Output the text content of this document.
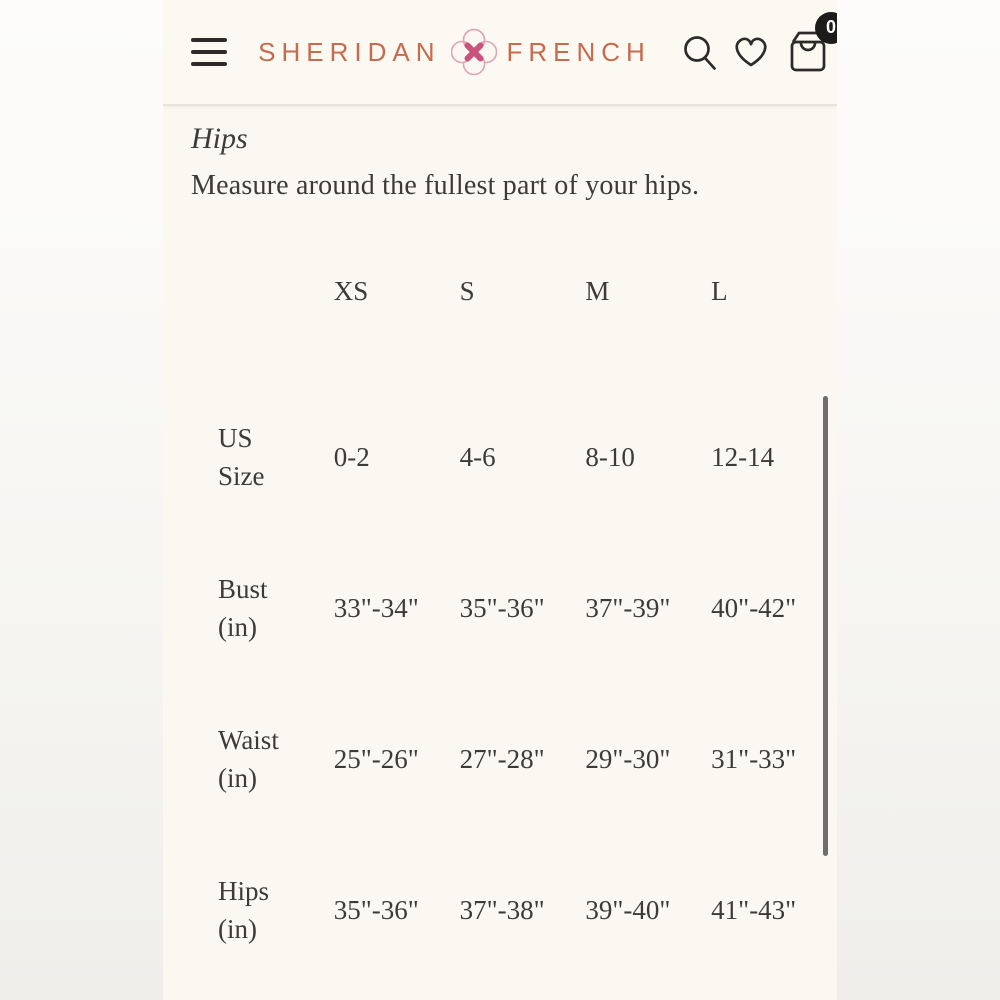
SHERIDAN	FRENCH
0
Hips

Measure around the fullest part of your hips.

	XS	S	M	L
US Size	0-2	4-6	8-10	12-14
Bust (in)	33"-34"	35"-36"	37"-39"	40"-42"
Waist (in)	25"-26"	27"-28"	29"-30"	31"-33"
Hips (in)	35"-36"	37"-38"	39"-40"	41"-43"
